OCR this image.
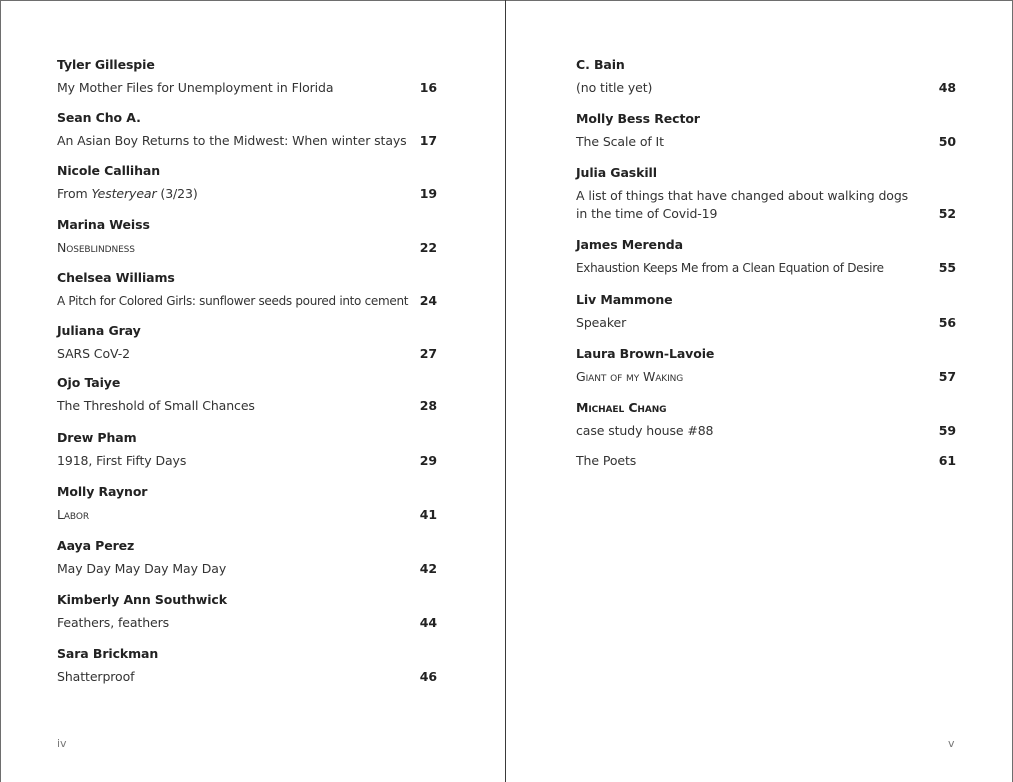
Tyler Gillespie
My Mother Files for Unemployment in Florida	16
Sean Cho A.
An Asian Boy Returns to the Midwest: When winter stays	17
Nicole Callihan
From Yesteryear (3/23)	19
Marina Weiss
Noseblindness	22
Chelsea Williams
A Pitch for Colored Girls: sunflower seeds poured into cement 24
Juliana Gray
SARS CoV-2	27
Ojo Taiye
The Threshold of Small Chances	28
Drew Pham
1918, First Fifty Days	29
Molly Raynor
Labor	41
Aaya Perez
May Day May Day May Day	42
Kimberly Ann Southwick
Feathers, feathers	44
Sara Brickman
Shatterproof	46
iv
C. Bain
(no title yet)	48
Molly Bess Rector
The Scale of It	50
Julia Gaskill
A list of things that have changed about walking dogs in the time of Covid-19	52
James Merenda
Exhaustion Keeps Me from a Clean Equation of Desire	55
Liv Mammone
Speaker	56
Laura Brown-Lavoie
Giant of my Waking	57
Michael Chang
case study house #88	59
The Poets	61
v
